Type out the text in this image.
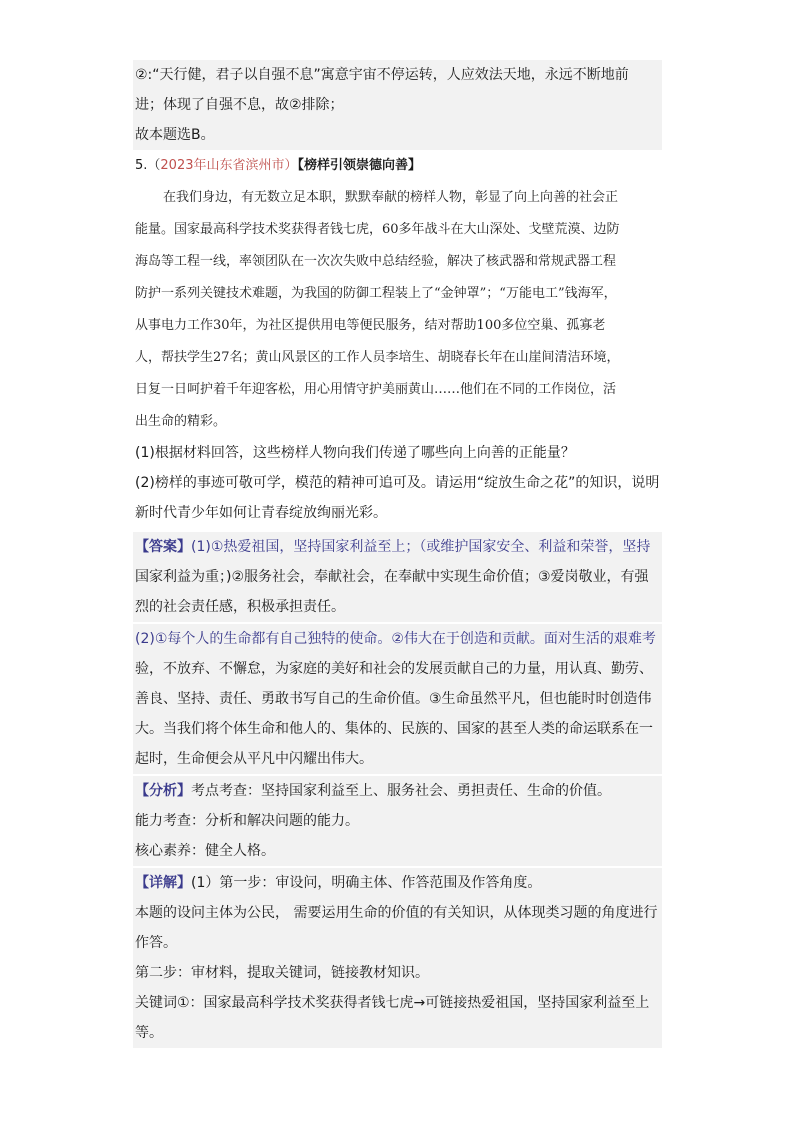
②:“天行健，君子以自强不息”寓意宇宙不停运转，人应效法天地，永远不断地前
进；体现了自强不息，故②排除；
故本题选B。
5.（2023年山东省滨州市）【榜样引领崇德向善】
在我们身边，有无数立足本职，默默奉献的榜样人物，彰显了向上向善的社会正
能量。国家最高科学技术奖获得者钱七虎，60多年战斗在大山深处、戈壁荒漠、边防
海岛等工程一线，率领团队在一次次失败中总结经验，解决了核武器和常规武器工程
防护一系列关键技术难题，为我国的防御工程装上了“金钟罩”；“万能电工”钱海军，
从事电力工作30年，为社区提供用电等便民服务，结对帮助100多位空巢、孤寡老
人，帮扶学生27名；黄山风景区的工作人员李培生、胡晓春长年在山崖间清洁环境，
日复一日呵护着千年迎客松，用心用情守护美丽黄山……他们在不同的工作岗位，活
出生命的精彩。
(1)根据材料回答，这些榜样人物向我们传递了哪些向上向善的正能量？
(2)榜样的事迹可敬可学，模范的精神可追可及。请运用“绽放生命之花”的知识，说明
新时代青少年如何让青春绽放绚丽光彩。
【答案】(1)①热爱祖国，坚持国家利益至上；（或维护国家安全、利益和荣誉，坚持
国家利益为重；)②服务社会，奉献社会，在奉献中实现生命价值；③爱岗敬业，有强
烈的社会责任感，积极承担责任。
(2)①每个人的生命都有自己独特的使命。②伟大在于创造和贡献。面对生活的艰难考
验，不放弃、不懈怠，为家庭的美好和社会的发展贡献自己的力量，用认真、勤劳、
善良、坚持、责任、勇敢书写自己的生命价值。③生命虽然平凡，但也能时时创造伟
大。当我们将个体生命和他人的、集体的、民族的、国家的甚至人类的命运联系在一
起时，生命便会从平凡中闪耀出伟大。
【分析】考点考查：坚持国家利益至上、服务社会、勇担责任、生命的价值。
能力考查：分析和解决问题的能力。
核心素养：健全人格。
【详解】(1）第一步：审设问，明确主体、作答范围及作答角度。
本题的设问主体为公民， 需要运用生命的价值的有关知识，从体现类习题的角度进行
作答。
第二步：审材料，提取关键词，链接教材知识。
关键词①：国家最高科学技术奖获得者钱七虎→可链接热爱祖国，坚持国家利益至上
等。
